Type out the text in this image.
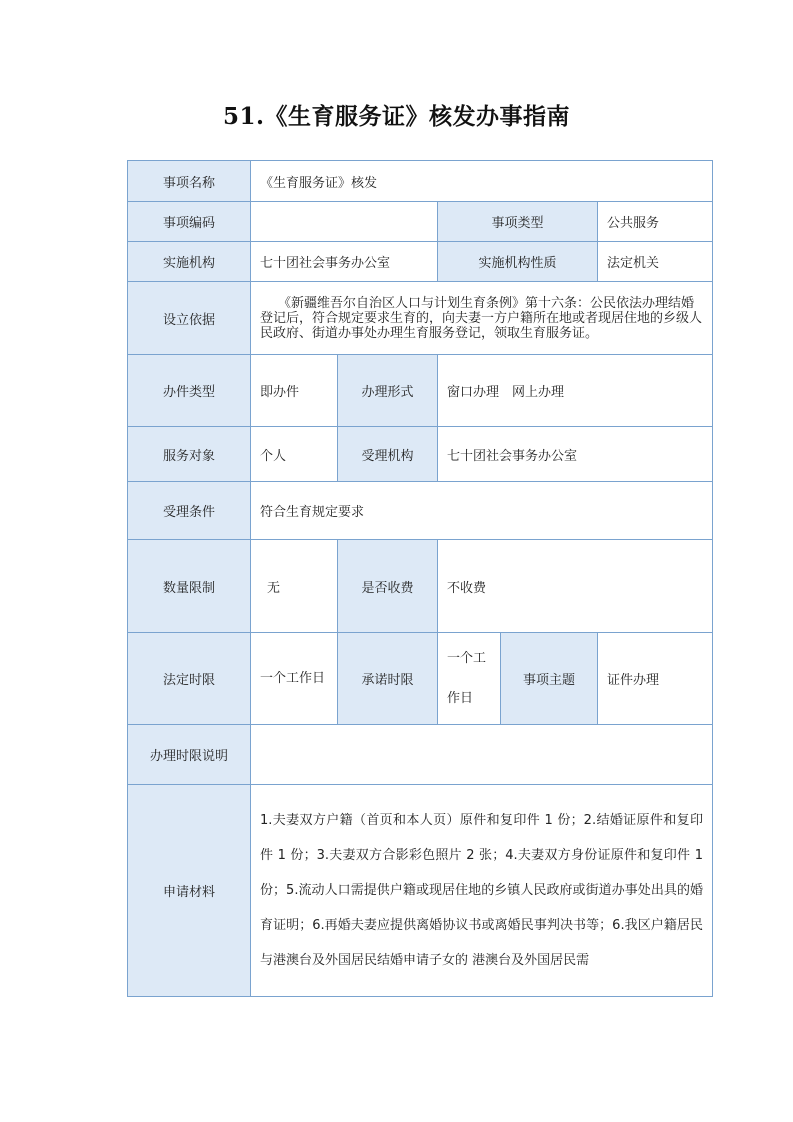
51.《生育服务证》核发办事指南
事项名称	《生育服务证》核发				
事项编码			事项类型		公共服务
实施机构	七十团社会事务办公室		实施机构性质		法定机关
设立依据	《新疆维吾尔自治区人口与计划生育条例》第十六条：公民依法办理结婚登记后，符合规定要求生育的，向夫妻一方户籍所在地或者现居住地的乡级人民政府、街道办事处办理生育服务登记，领取生育服务证。				
办件类型	即办件	办理形式	窗口办理　网上办理		
服务对象	个人	受理机构	七十团社会事务办公室		
受理条件	符合生育规定要求				
数量限制	无	是否收费	不收费		
法定时限	一个工作日	承诺时限	一个工作日	事项主题	证件办理
办理时限说明					
申请材料	1.夫妻双方户籍（首页和本人页）原件和复印件 1 份；2.结婚证原件和复印件 1 份；3.夫妻双方合影彩色照片 2 张；4.夫妻双方身份证原件和复印件 1 份；5.流动人口需提供户籍或现居住地的乡镇人民政府或街道办事处出具的婚育证明；6.再婚夫妻应提供离婚协议书或离婚民事判决书等；6.我区户籍居民与港澳台及外国居民结婚申请子女的 港澳台及外国居民需				
